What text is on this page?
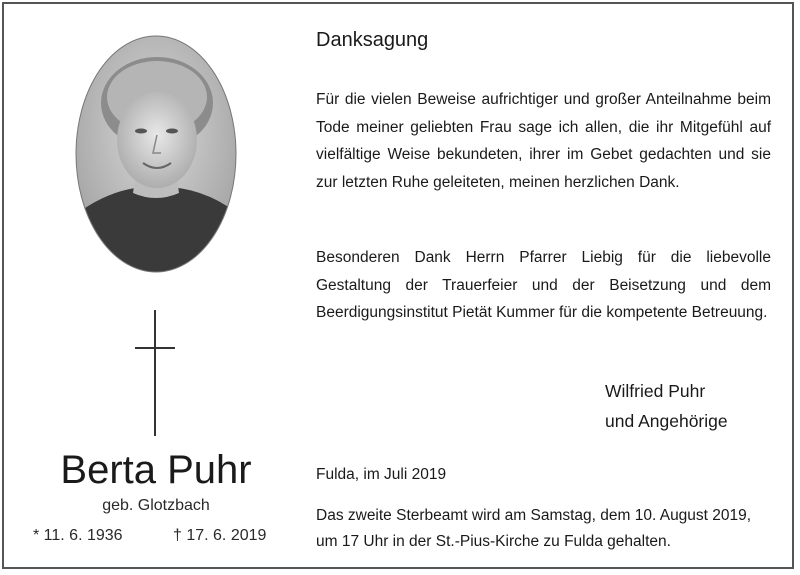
Berta Puhr
geb. Glotzbach
* 11. 6. 1936	† 17. 6. 2019
Danksagung
Für die vielen Beweise aufrichtiger und großer Anteilnahme beim Tode meiner geliebten Frau sage ich allen, die ihr Mitgefühl auf vielfältige Weise bekundeten, ihrer im Gebet gedachten und sie zur letzten Ruhe geleiteten, meinen herzlichen Dank.
Besonderen Dank Herrn Pfarrer Liebig für die liebevolle Gestaltung der Trauerfeier und der Beisetzung und dem Beerdigungsinstitut Pietät Kummer für die kompetente Betreuung.
Wilfried Puhr
und Angehörige
Fulda, im Juli 2019
Das zweite Sterbeamt wird am Samstag, dem 10. August 2019,
um 17 Uhr in der St.-Pius-Kirche zu Fulda gehalten.
